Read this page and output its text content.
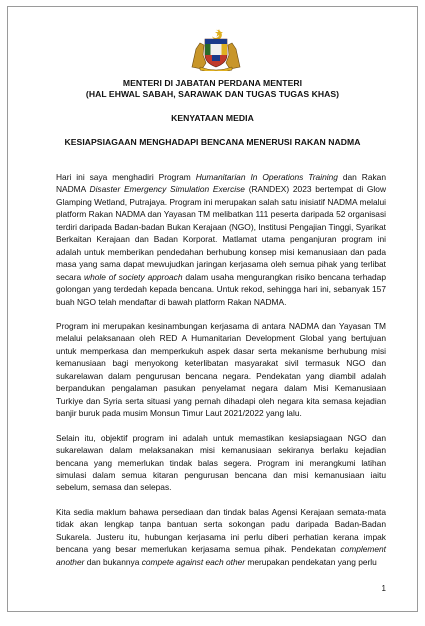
MENTERI DI JABATAN PERDANA MENTERI
(HAL EHWAL SABAH, SARAWAK DAN TUGAS TUGAS KHAS)
KENYATAAN MEDIA
KESIAPSIAGAAN MENGHADAPI BENCANA MENERUSI RAKAN NADMA

Hari ini saya menghadiri Program Humanitarian In Operations Training dan Rakan NADMA Disaster Emergency Simulation Exercise (RANDEX) 2023 bertempat di Glow Glamping Wetland, Putrajaya. Program ini merupakan salah satu inisiatif NADMA melalui platform Rakan NADMA dan Yayasan TM melibatkan 111 peserta daripada 52 organisasi terdiri daripada Badan-badan Bukan Kerajaan (NGO), Institusi Pengajian Tinggi, Syarikat Berkaitan Kerajaan dan Badan Korporat. Matlamat utama penganjuran program ini adalah untuk memberikan pendedahan berhubung konsep misi kemanusiaan dan pada masa yang sama dapat mewujudkan jaringan kerjasama oleh semua pihak yang terlibat secara whole of society approach dalam usaha mengurangkan risiko bencana terhadap golongan yang terdedah kepada bencana. Untuk rekod, sehingga hari ini, sebanyak 157 buah NGO telah mendaftar di bawah platform Rakan NADMA.

Program ini merupakan kesinambungan kerjasama di antara NADMA dan Yayasan TM melalui pelaksanaan oleh RED A Humanitarian Development Global yang bertujuan untuk memperkasa dan memperkukuh aspek dasar serta mekanisme berhubung misi kemanusiaan bagi menyokong keterlibatan masyarakat sivil termasuk NGO dan sukarelawan dalam pengurusan bencana negara. Pendekatan yang diambil adalah berpandukan pengalaman pasukan penyelamat negara dalam Misi Kemanusiaan Turkiye dan Syria serta situasi yang pernah dihadapi oleh negara kita semasa kejadian banjir buruk pada musim Monsun Timur Laut 2021/2022 yang lalu.

Selain itu, objektif program ini adalah untuk memastikan kesiapsiagaan NGO dan sukarelawan dalam melaksanakan misi kemanusiaan sekiranya berlaku kejadian bencana yang memerlukan tindak balas segera. Program ini merangkumi latihan simulasi dalam semua kitaran pengurusan bencana dan misi kemanusiaan iaitu sebelum, semasa dan selepas.

Kita sedia maklum bahawa persediaan dan tindak balas Agensi Kerajaan semata-mata tidak akan lengkap tanpa bantuan serta sokongan padu daripada Badan-Badan Sukarela. Justeru itu, hubungan kerjasama ini perlu diberi perhatian kerana impak bencana yang besar memerlukan kerjasama semua pihak. Pendekatan complement another dan bukannya compete against each other merupakan pendekatan yang perlu

1
